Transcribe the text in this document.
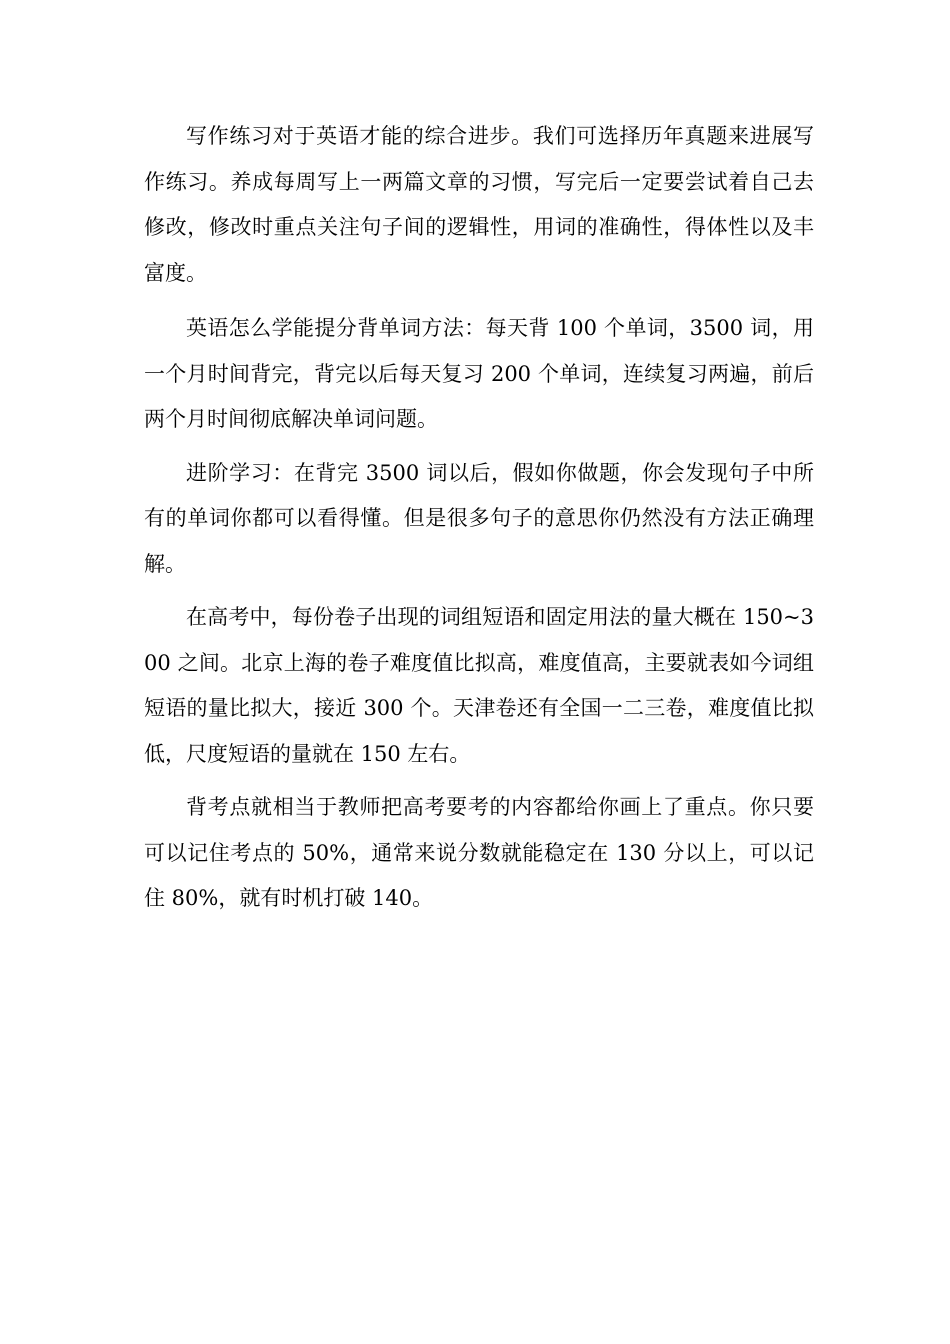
写作练习对于英语才能的综合进步。我们可选择历年真题来进展写作练习。养成每周写上一两篇文章的习惯，写完后一定要尝试着自己去修改，修改时重点关注句子间的逻辑性，用词的准确性，得体性以及丰富度。

英语怎么学能提分背单词方法：每天背 100 个单词，3500 词，用一个月时间背完，背完以后每天复习 200 个单词，连续复习两遍，前后两个月时间彻底解决单词问题。

进阶学习：在背完 3500 词以后，假如你做题，你会发现句子中所有的单词你都可以看得懂。但是很多句子的意思你仍然没有方法正确理解。

在高考中，每份卷子出现的词组短语和固定用法的量大概在 150~300 之间。北京上海的卷子难度值比拟高，难度值高，主要就表如今词组短语的量比拟大，接近 300 个。天津卷还有全国一二三卷，难度值比拟低，尺度短语的量就在 150 左右。

背考点就相当于教师把高考要考的内容都给你画上了重点。你只要可以记住考点的 50%，通常来说分数就能稳定在 130 分以上，可以记住 80%，就有时机打破 140。
